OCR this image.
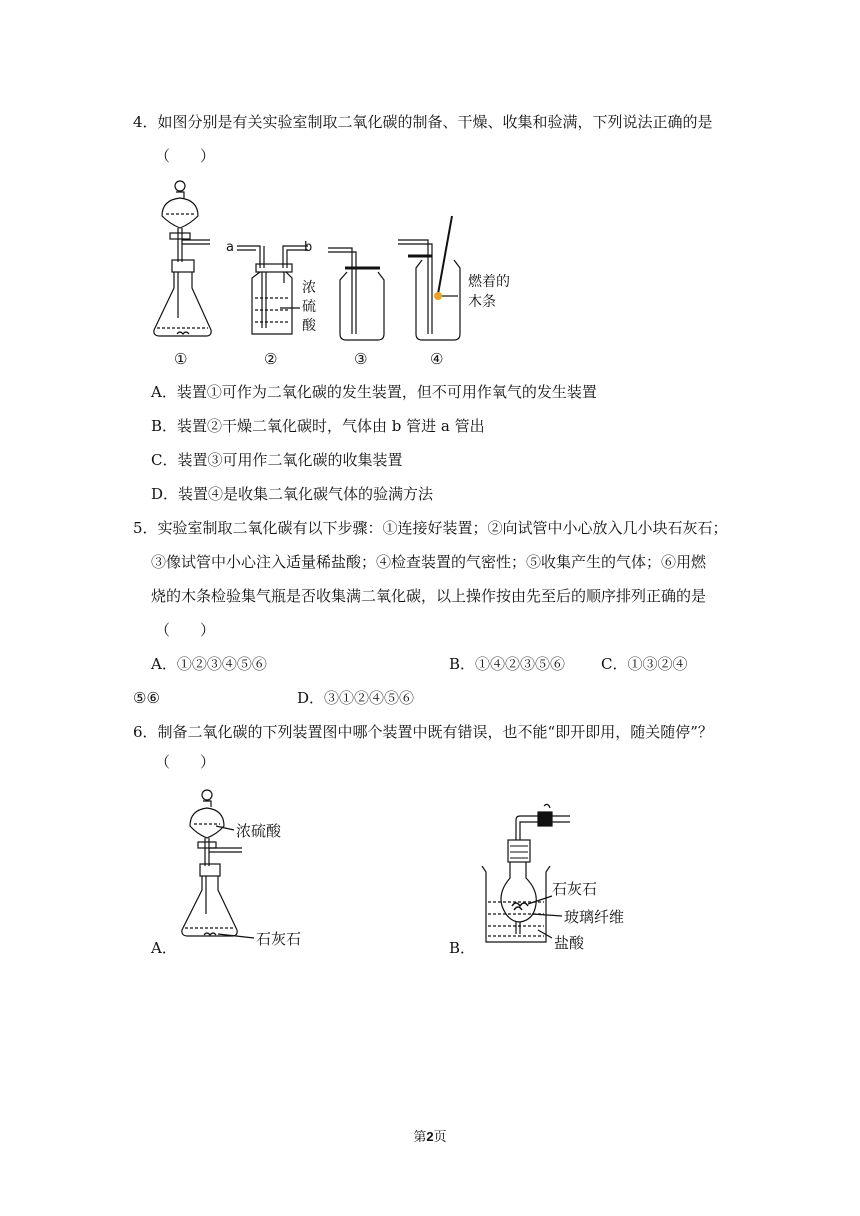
4．如图分别是有关实验室制取二氧化碳的制备、干燥、收集和验满，下列说法正确的是
（　　）
a	b
浓
硫
酸
燃着的
木条
①	②	③	④
A．装置①可作为二氧化碳的发生装置，但不可用作氧气的发生装置
B．装置②干燥二氧化碳时，气体由 b 管进 a 管出
C．装置③可用作二氧化碳的收集装置
D．装置④是收集二氧化碳气体的验满方法
5．实验室制取二氧化碳有以下步骤：①连接好装置；②向试管中小心放入几小块石灰石；
③像试管中小心注入适量稀盐酸；④检查装置的气密性；⑤收集产生的气体；⑥用燃
烧的木条检验集气瓶是否收集满二氧化碳，以上操作按由先至后的顺序排列正确的是
（　　）
A．①②③④⑤⑥	B．①④②③⑤⑥ C．①③②④
⑤⑥	D．③①②④⑤⑥
6．制备二氧化碳的下列装置图中哪个装置中既有错误，也不能“即开即用，随关随停”？
（　　）
A．
浓硫酸
石灰石	B．
石灰石
玻璃纤维
盐酸
第2页
